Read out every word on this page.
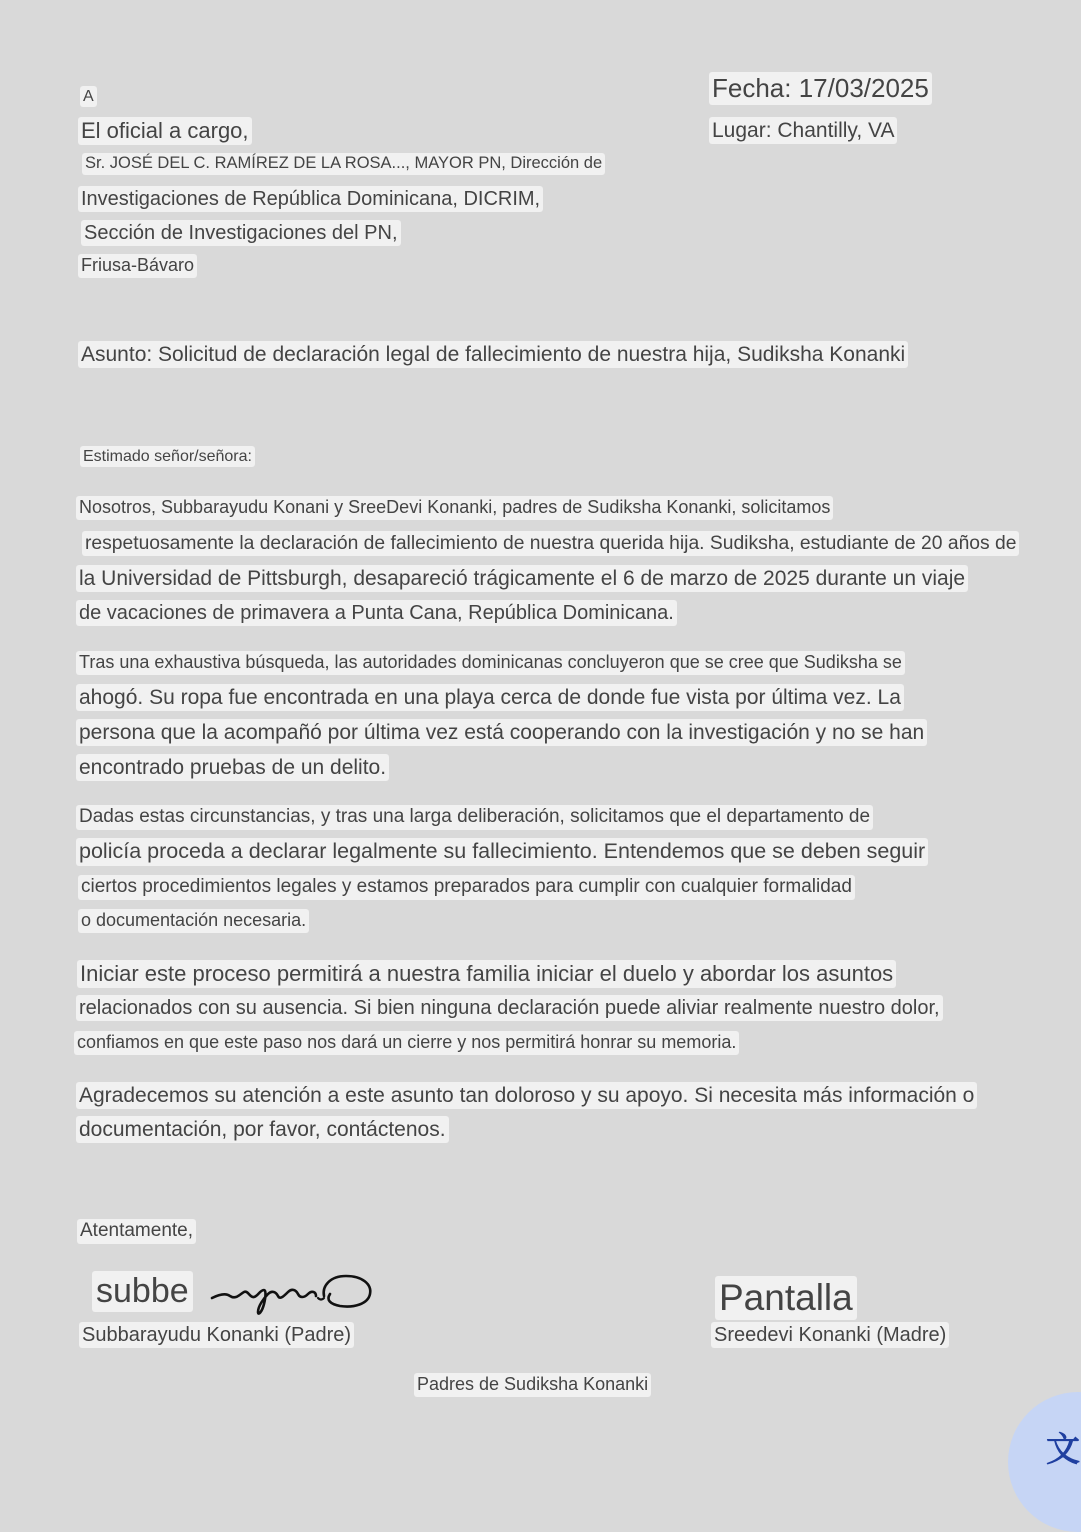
A
El oficial a cargo,
Sr. JOSÉ DEL C. RAMÍREZ DE LA ROSA..., MAYOR PN, Dirección de
Investigaciones de República Dominicana, DICRIM,
Sección de Investigaciones del PN,
Friusa-Bávaro
Fecha: 17/03/2025
Lugar: Chantilly, VA
Asunto: Solicitud de declaración legal de fallecimiento de nuestra hija, Sudiksha Konanki
Estimado señor/señora:
Nosotros, Subbarayudu Konani y SreeDevi Konanki, padres de Sudiksha Konanki, solicitamos
respetuosamente la declaración de fallecimiento de nuestra querida hija. Sudiksha, estudiante de 20 años de
la Universidad de Pittsburgh, desapareció trágicamente el 6 de marzo de 2025 durante un viaje
de vacaciones de primavera a Punta Cana, República Dominicana.
Tras una exhaustiva búsqueda, las autoridades dominicanas concluyeron que se cree que Sudiksha se
ahogó. Su ropa fue encontrada en una playa cerca de donde fue vista por última vez. La
persona que la acompañó por última vez está cooperando con la investigación y no se han
encontrado pruebas de un delito.
Dadas estas circunstancias, y tras una larga deliberación, solicitamos que el departamento de
policía proceda a declarar legalmente su fallecimiento. Entendemos que se deben seguir
ciertos procedimientos legales y estamos preparados para cumplir con cualquier formalidad
o documentación necesaria.
Iniciar este proceso permitirá a nuestra familia iniciar el duelo y abordar los asuntos
relacionados con su ausencia. Si bien ninguna declaración puede aliviar realmente nuestro dolor,
confiamos en que este paso nos dará un cierre y nos permitirá honrar su memoria.
Agradecemos su atención a este asunto tan doloroso y su apoyo. Si necesita más información o
documentación, por favor, contáctenos.
Atentamente,
subbe
Subbarayudu Konanki (Padre)
Pantalla
Sreedevi Konanki (Madre)
Padres de Sudiksha Konanki
文
